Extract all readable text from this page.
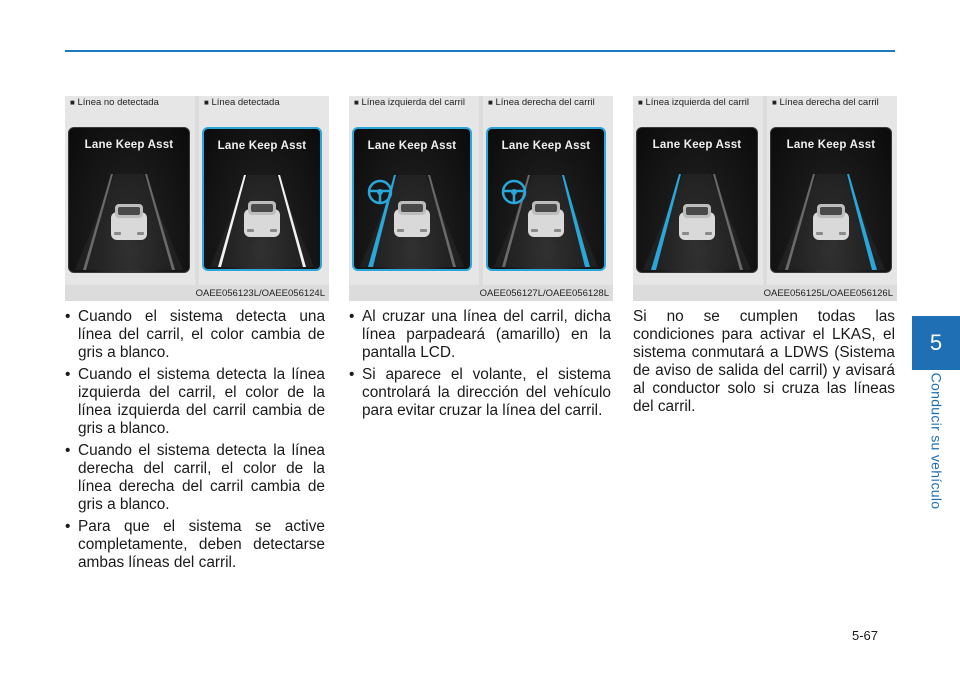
5
Conducir su vehículo
■ Línea no detectada
Lane Keep Asst
■ Línea detectada
Lane Keep Asst
OAEE056123L/OAEE056124L
■ Línea izquierda del carril
Lane Keep Asst
■ Línea derecha del carril
Lane Keep Asst
OAEE056127L/OAEE056128L
■ Línea izquierda del carril
Lane Keep Asst
■ Línea derecha del carril
Lane Keep Asst
OAEE056125L/OAEE056126L
• Cuando el sistema detecta una línea del carril, el color cambia de gris a blanco.
• Cuando el sistema detecta la línea izquierda del carril, el color de la línea izquierda del carril cambia de gris a blanco.
• Cuando el sistema detecta la línea derecha del carril, el color de la línea derecha del carril cambia de gris a blanco.
• Para que el sistema se active completamente, deben detectarse ambas líneas del carril.
• Al cruzar una línea del carril, dicha línea parpadeará (amarillo) en la pantalla LCD.
• Si aparece el volante, el sistema controlará la dirección del vehículo para evitar cruzar la línea del carril.
Si no se cumplen todas las condiciones para activar el LKAS, el sistema conmutará a LDWS (Sistema de aviso de salida del carril) y avisará al conductor solo si cruza las líneas del carril.
5-67
